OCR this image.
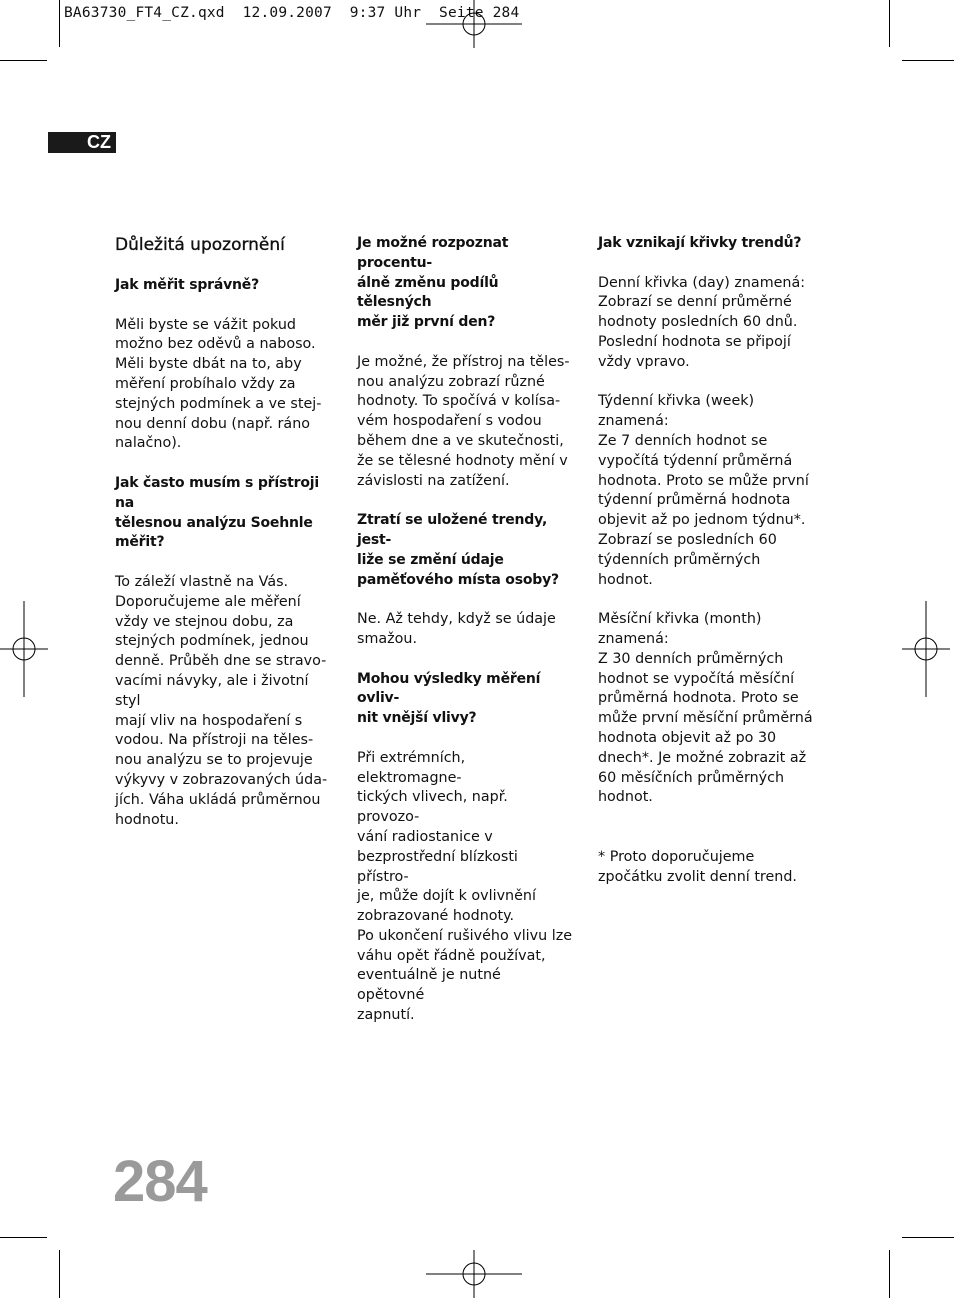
BA63730_FT4_CZ.qxd  12.09.2007  9:37 Uhr  Seite 284
CZ
Důležitá upozornění
Jak měřit správně?

Měli byste se vážit pokud
možno bez oděvů a naboso.
Měli byste dbát na to, aby
měření probíhalo vždy za
stejných podmínek a ve stej-
nou denní dobu (např. ráno
nalačno).

Jak často musím s přístroji na
tělesnou analýzu Soehnle
měřit?

To záleží vlastně na Vás.
Doporučujeme ale měření
vždy ve stejnou dobu, za
stejných podmínek, jednou
denně. Průběh dne se stravo-
vacími návyky, ale i životní styl
mají vliv na hospodaření s
vodou. Na přístroji na těles-
nou analýzu se to projevuje
výkyvy v zobrazovaných úda-
jích. Váha ukládá průměrnou
hodnotu.

Je možné rozpoznat procentu-
álně změnu podílů tělesných
měr již první den?

Je možné, že přístroj na těles-
nou analýzu zobrazí různé
hodnoty. To spočívá v kolísa-
vém hospodaření s vodou
během dne a ve skutečnosti,
že se tělesné hodnoty mění v
závislosti na zatížení.

Ztratí se uložené trendy, jest-
liže se změní údaje
paměťového místa osoby?

Ne. Až tehdy, když se údaje
smažou.

Mohou výsledky měření ovliv-
nit vnější vlivy?

Při extrémních, elektromagne-
tických vlivech, např. provozo-
vání radiostanice v
bezprostřední blízkosti přístro-
je, může dojít k ovlivnění
zobrazované hodnoty.
Po ukončení rušivého vlivu lze
váhu opět řádně používat,
eventuálně je nutné opětovné
zapnutí.

Jak vznikají křivky trendů?

Denní křivka (day) znamená:
Zobrazí se denní průměrné
hodnoty posledních 60 dnů.
Poslední hodnota se připojí
vždy vpravo.

Týdenní křivka (week)
znamená:
Ze 7 denních hodnot se
vypočítá týdenní průměrná
hodnota. Proto se může první
týdenní průměrná hodnota
objevit až po jednom týdnu*.
Zobrazí se posledních 60
týdenních průměrných
hodnot.

Měsíční křivka (month)
znamená:
Z 30 denních průměrných
hodnot se vypočítá měsíční
průměrná hodnota. Proto se
může první měsíční průměrná
hodnota objevit až po 30
dnech*. Je možné zobrazit až
60 měsíčních průměrných
hodnot.

* Proto doporučujeme
zpočátku zvolit denní trend.

284
